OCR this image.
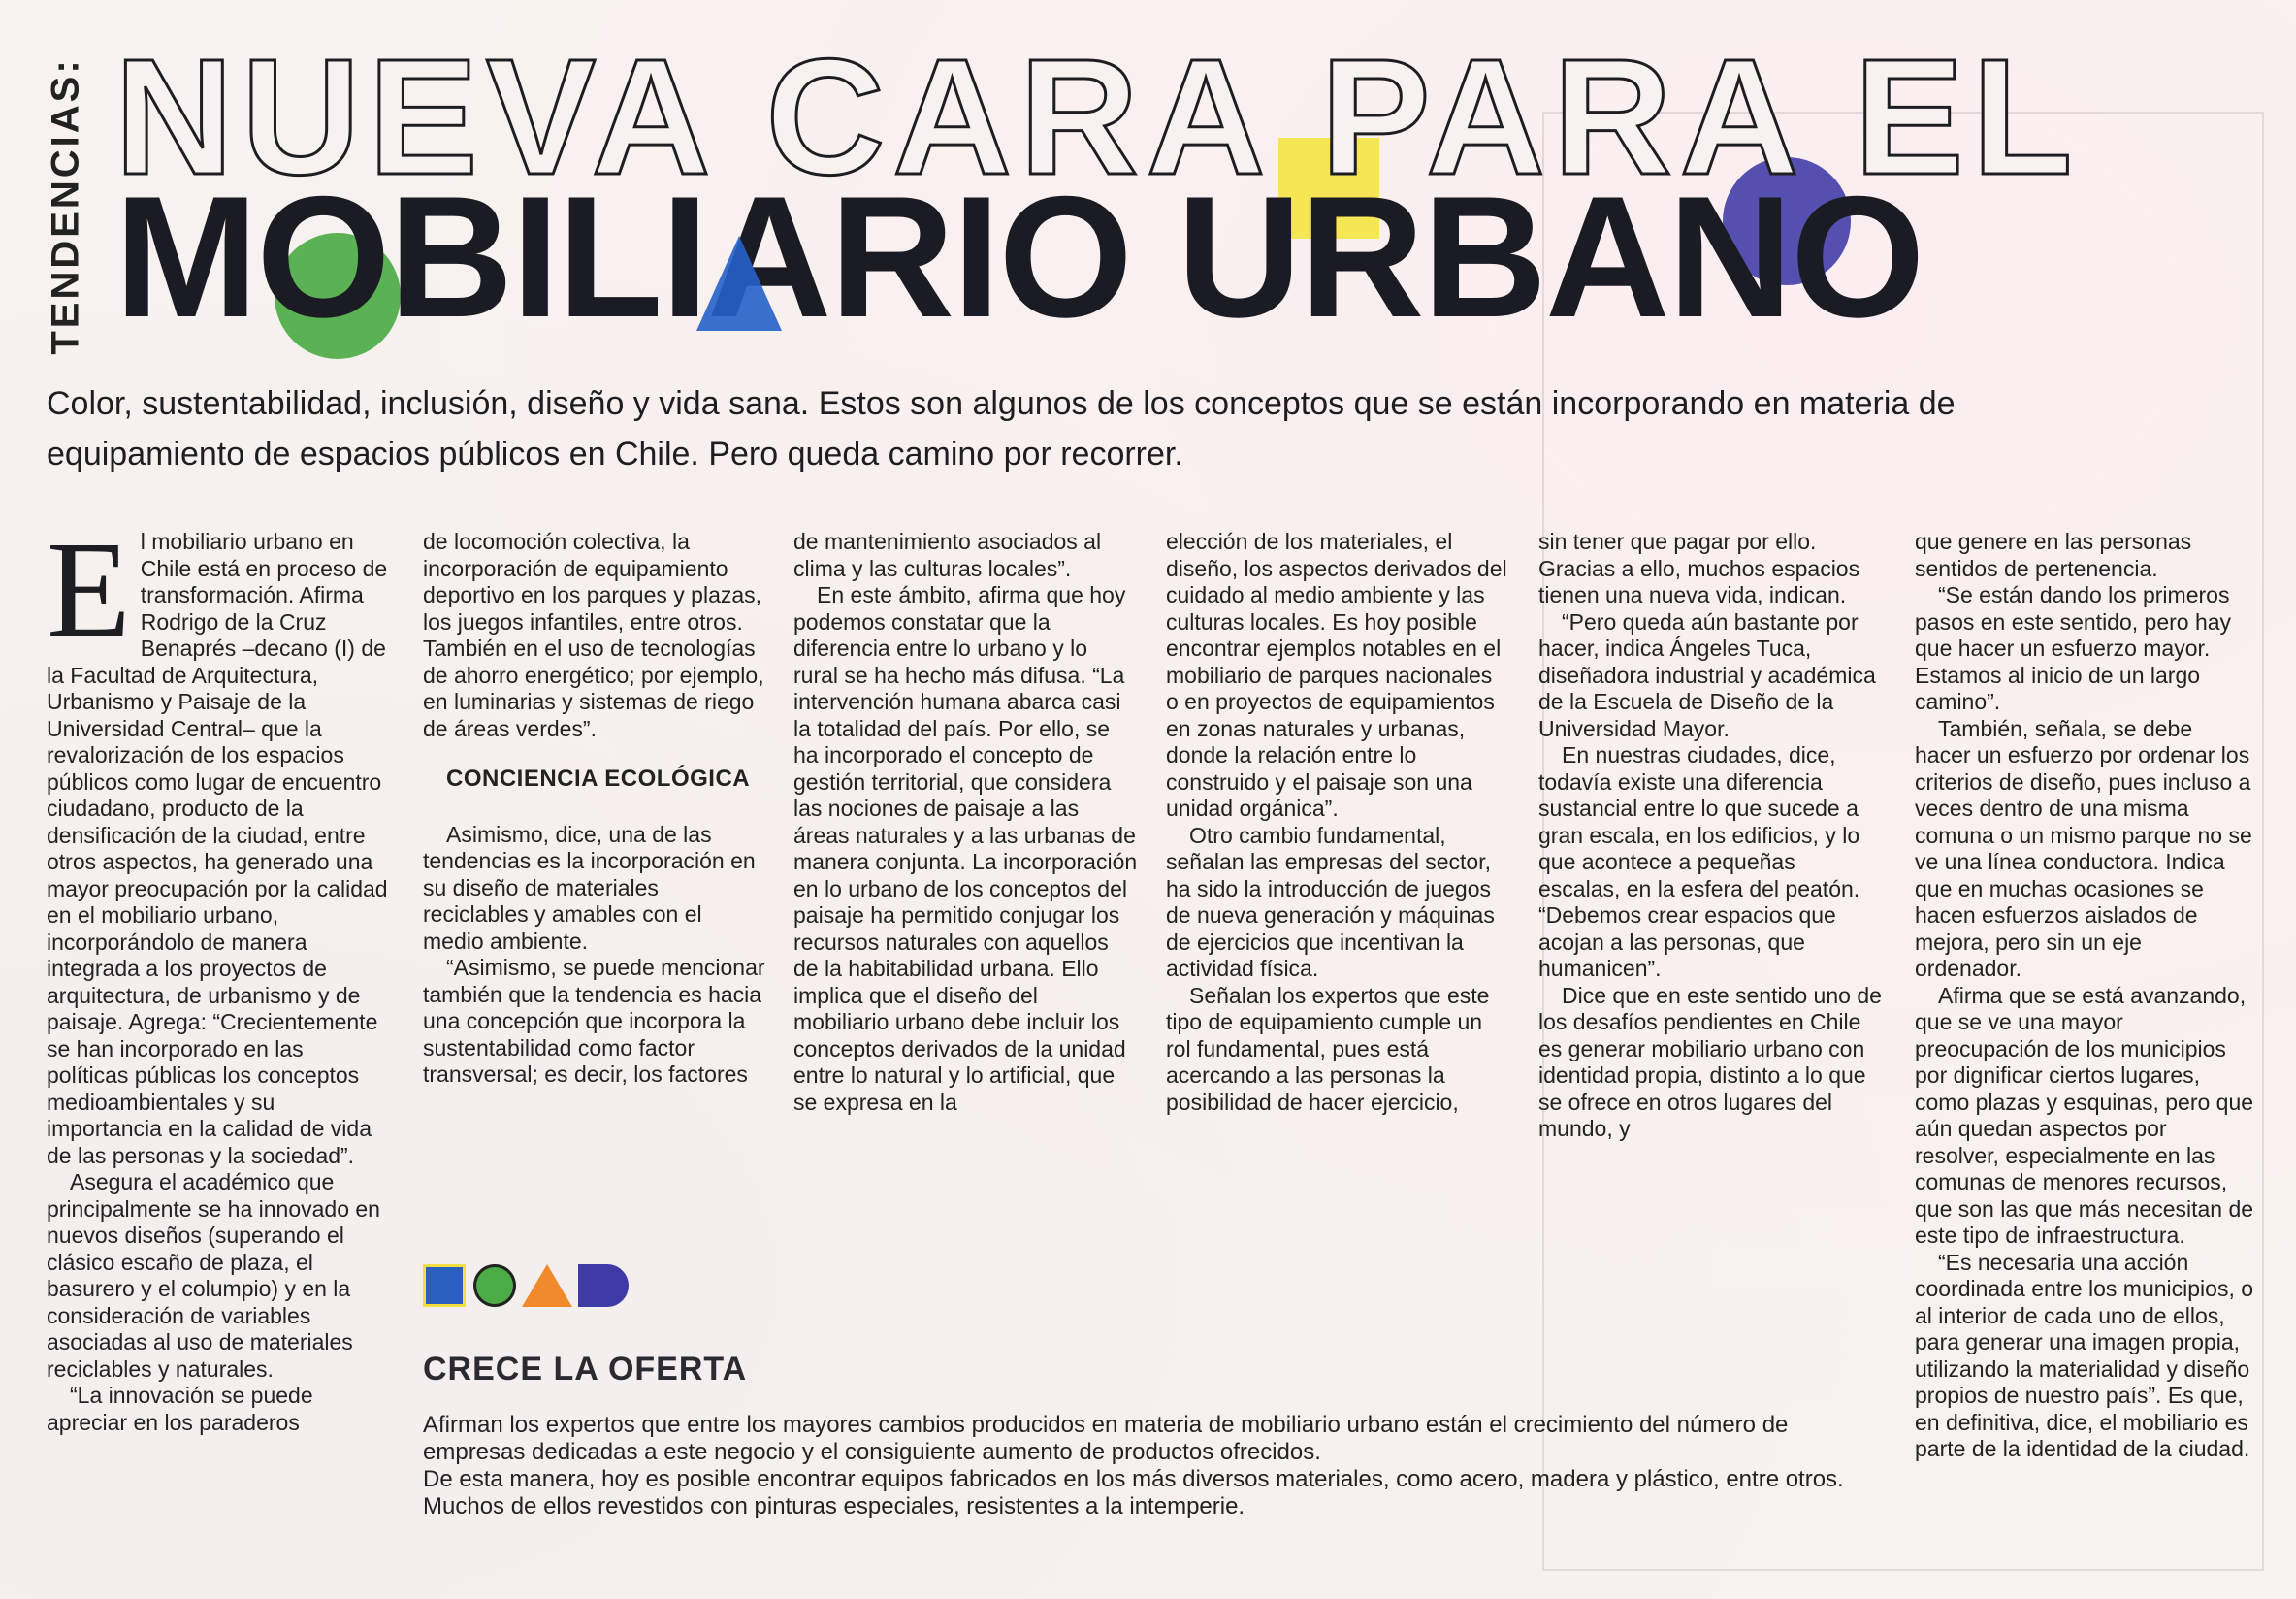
TENDENCIAS: NUEVA CARA PARA EL
MOBILIARIO URBANO
Color, sustentabilidad, inclusión, diseño y vida sana. Estos son algunos de los conceptos que se están incorporando en materia de equipamiento de espacios públicos en Chile. Pero queda camino por recorrer.

El mobiliario urbano en Chile está en proceso de transformación. Afirma Rodrigo de la Cruz Benaprés –decano (I) de la Facultad de Arquitectura, Urbanismo y Paisaje de la Universidad Central– que la revalorización de los espacios públicos como lugar de encuentro ciudadano, producto de la densificación de la ciudad, entre otros aspectos, ha generado una mayor preocupación por la calidad en el mobiliario urbano, incorporándolo de manera integrada a los proyectos de arquitectura, de urbanismo y de paisaje. Agrega: “Crecientemente se han incorporado en las políticas públicas los conceptos medioambientales y su importancia en la calidad de vida de las personas y la sociedad”.

Asegura el académico que principalmente se ha innovado en nuevos diseños (superando el clásico escaño de plaza, el basurero y el columpio) y en la consideración de variables asociadas al uso de materiales reciclables y naturales.

“La innovación se puede apreciar en los paraderos

de locomoción colectiva, la incorporación de equipamiento deportivo en los parques y plazas, los juegos infantiles, entre otros. También en el uso de tecnologías de ahorro energético; por ejemplo, en luminarias y sistemas de riego de áreas verdes”.

CONCIENCIA ECOLÓGICA

Asimismo, dice, una de las tendencias es la incorporación en su diseño de materiales reciclables y amables con el medio ambiente.

“Asimismo, se puede mencionar también que la tendencia es hacia una concepción que incorpora la sustentabilidad como factor transversal; es decir, los factores

de mantenimiento asociados al clima y las culturas locales”.

En este ámbito, afirma que hoy podemos constatar que la diferencia entre lo urbano y lo rural se ha hecho más difusa. “La intervención humana abarca casi la totalidad del país. Por ello, se ha incorporado el concepto de gestión territorial, que considera las nociones de paisaje a las áreas naturales y a las urbanas de manera conjunta. La incorporación en lo urbano de los conceptos del paisaje ha permitido conjugar los recursos naturales con aquellos de la habitabilidad urbana. Ello implica que el diseño del mobiliario urbano debe incluir los conceptos derivados de la unidad entre lo natural y lo artificial, que se expresa en la

elección de los materiales, el diseño, los aspectos derivados del cuidado al medio ambiente y las culturas locales. Es hoy posible encontrar ejemplos notables en el mobiliario de parques nacionales o en proyectos de equipamientos en zonas naturales y urbanas, donde la relación entre lo construido y el paisaje son una unidad orgánica”.

Otro cambio fundamental, señalan las empresas del sector, ha sido la introducción de juegos de nueva generación y máquinas de ejercicios que incentivan la actividad física.

Señalan los expertos que este tipo de equipamiento cumple un rol fundamental, pues está acercando a las personas la posibilidad de hacer ejercicio,

sin tener que pagar por ello. Gracias a ello, muchos espacios tienen una nueva vida, indican.

“Pero queda aún bastante por hacer, indica Ángeles Tuca, diseñadora industrial y académica de la Escuela de Diseño de la Universidad Mayor.

En nuestras ciudades, dice, todavía existe una diferencia sustancial entre lo que sucede a gran escala, en los edificios, y lo que acontece a pequeñas escalas, en la esfera del peatón. “Debemos crear espacios que acojan a las personas, que humanicen”.

Dice que en este sentido uno de los desafíos pendientes en Chile es generar mobiliario urbano con identidad propia, distinto a lo que se ofrece en otros lugares del mundo, y

que genere en las personas sentidos de pertenencia.

“Se están dando los primeros pasos en este sentido, pero hay que hacer un esfuerzo mayor. Estamos al inicio de un largo camino”.

También, señala, se debe hacer un esfuerzo por ordenar los criterios de diseño, pues incluso a veces dentro de una misma comuna o un mismo parque no se ve una línea conductora. Indica que en muchas ocasiones se hacen esfuerzos aislados de mejora, pero sin un eje ordenador.

Afirma que se está avanzando, que se ve una mayor preocupación de los municipios por dignificar ciertos lugares, como plazas y esquinas, pero que aún quedan aspectos por resolver, especialmente en las comunas de menores recursos, que son las que más necesitan de este tipo de infraestructura.

“Es necesaria una acción coordinada entre los municipios, o al interior de cada uno de ellos, para generar una imagen propia, utilizando la materialidad y diseño propios de nuestro país”. Es que, en definitiva, dice, el mobiliario es parte de la identidad de la ciudad.

CRECE LA OFERTA

Afirman los expertos que entre los mayores cambios producidos en materia de mobiliario urbano están el crecimiento del número de empresas dedicadas a este negocio y el consiguiente aumento de productos ofrecidos.

De esta manera, hoy es posible encontrar equipos fabricados en los más diversos materiales, como acero, madera y plástico, entre otros. Muchos de ellos revestidos con pinturas especiales, resistentes a la intemperie.
